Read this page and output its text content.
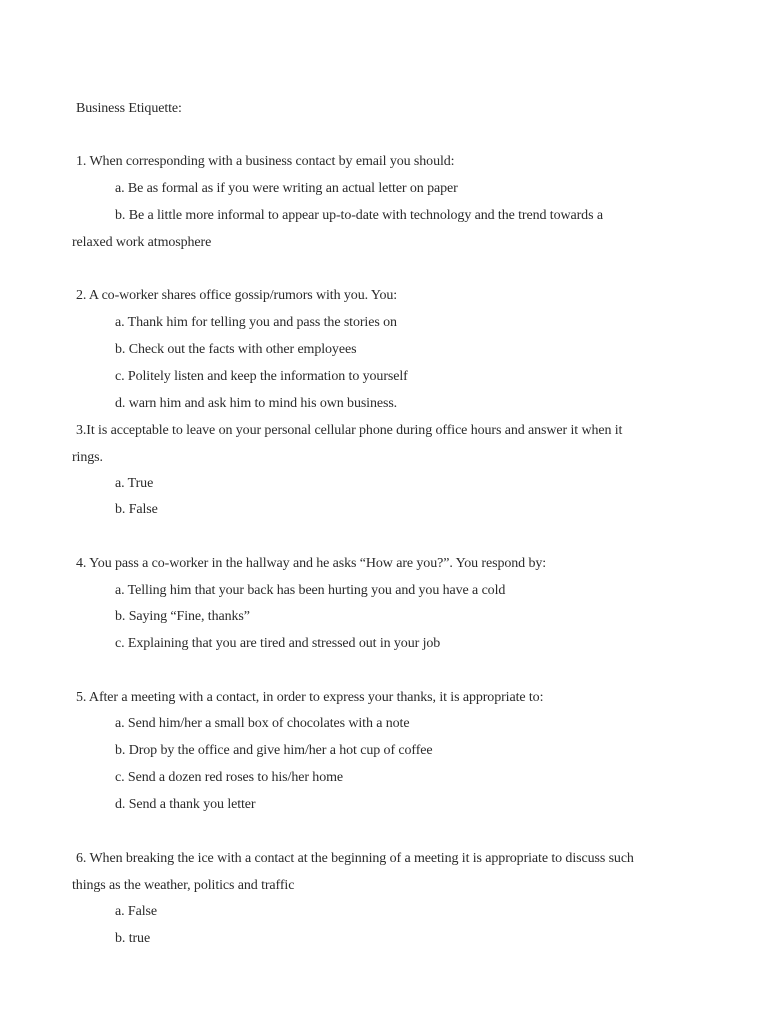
Business Etiquette:
1. When corresponding with a business contact by email you should:
a. Be as formal as if you were writing an actual letter on paper
b. Be a little more informal to appear up-to-date with technology and the trend towards a
relaxed work atmosphere
2. A co-worker shares office gossip/rumors with you. You:
a. Thank him for telling you and pass the stories on
b. Check out the facts with other employees
c. Politely listen and keep the information to yourself
d. warn him and ask him to mind his own business.
3.It is acceptable to leave on your personal cellular phone during office hours and answer it when it
rings.
a. True
b. False
4. You pass a co-worker in the hallway and he asks “How are you?”. You respond by:
a. Telling him that your back has been hurting you and you have a cold
b. Saying “Fine, thanks”
c. Explaining that you are tired and stressed out in your job
5. After a meeting with a contact, in order to express your thanks, it is appropriate to:
a. Send him/her a small box of chocolates with a note
b. Drop by the office and give him/her a hot cup of coffee
c. Send a dozen red roses to his/her home
d. Send a thank you letter
6. When breaking the ice with a contact at the beginning of a meeting it is appropriate to discuss such
things as the weather, politics and traffic
a. False
b. true
